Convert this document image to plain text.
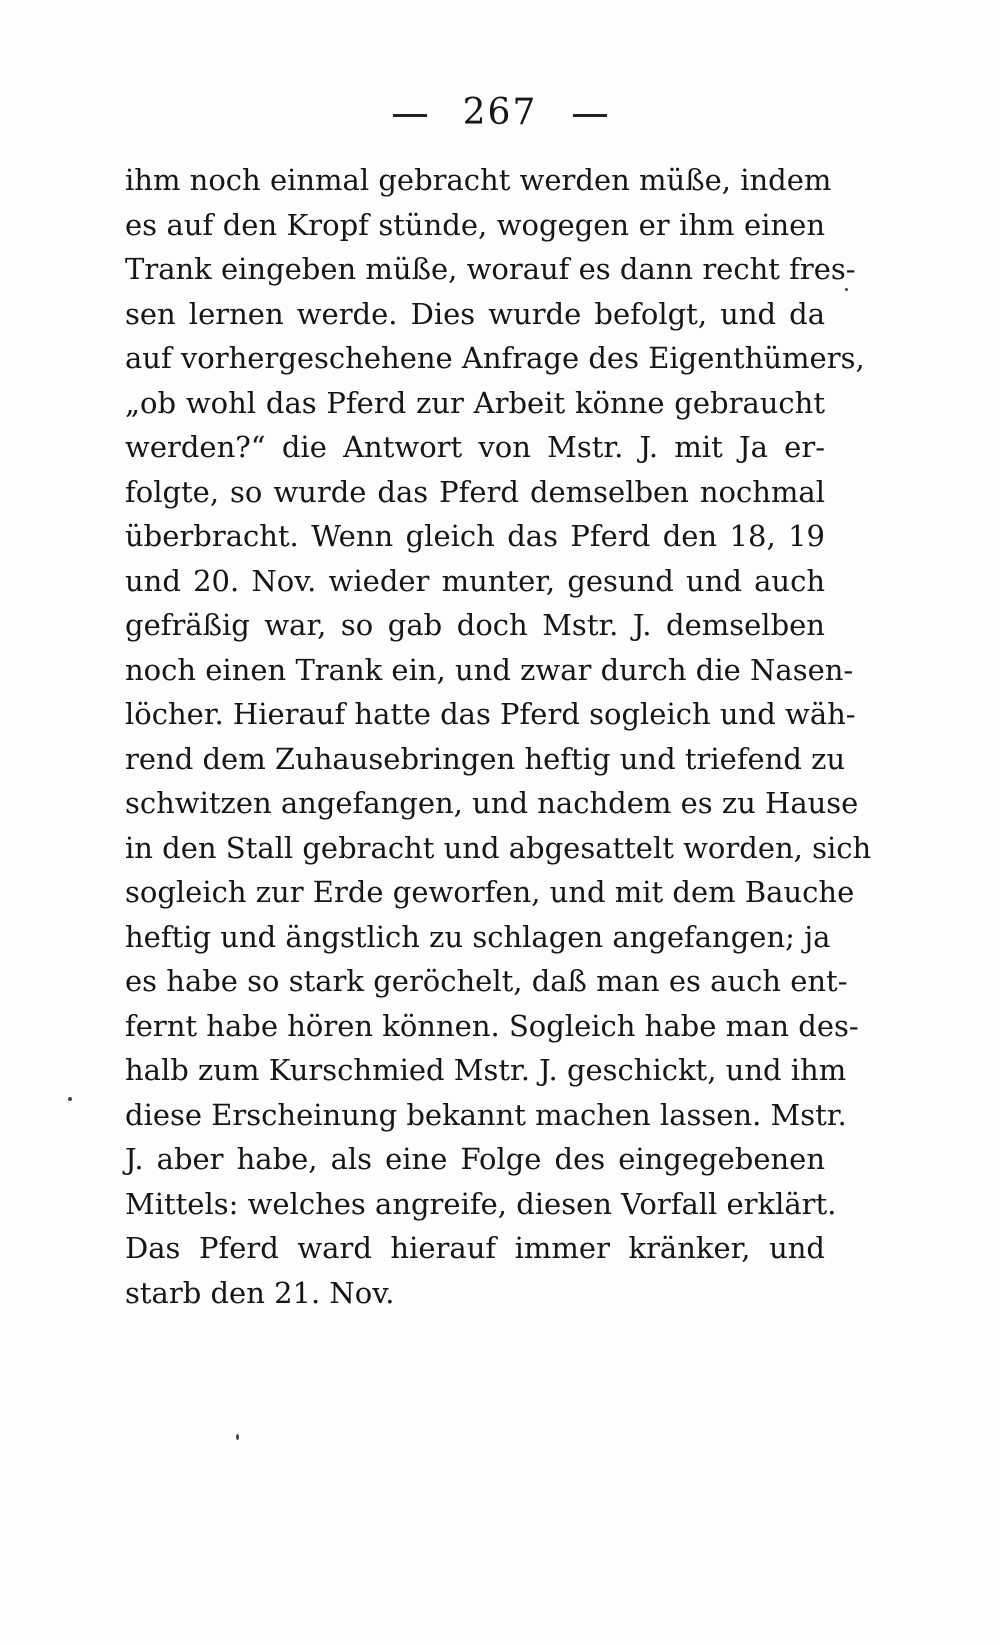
267
ihm noch einmal gebracht werden müße, indem
es auf den Kropf stünde, wogegen er ihm einen
Trank eingeben müße, worauf es dann recht fres-
sen lernen werde. Dies wurde befolgt, und da
auf vorhergeschehene Anfrage des Eigenthümers,
„ob wohl das Pferd zur Arbeit könne gebraucht
werden?“ die Antwort von Mstr. J. mit Ja er-
folgte, so wurde das Pferd demselben nochmal
überbracht. Wenn gleich das Pferd den 18, 19
und 20. Nov. wieder munter, gesund und auch
gefräßig war, so gab doch Mstr. J. demselben
noch einen Trank ein, und zwar durch die Nasen-
löcher. Hierauf hatte das Pferd sogleich und wäh-
rend dem Zuhausebringen heftig und triefend zu
schwitzen angefangen, und nachdem es zu Hause
in den Stall gebracht und abgesattelt worden, sich
sogleich zur Erde geworfen, und mit dem Bauche
heftig und ängstlich zu schlagen angefangen; ja
es habe so stark geröchelt, daß man es auch ent-
fernt habe hören können. Sogleich habe man des-
halb zum Kurschmied Mstr. J. geschickt, und ihm
diese Erscheinung bekannt machen lassen. Mstr.
J. aber habe, als eine Folge des eingegebenen
Mittels: welches angreife, diesen Vorfall erklärt.
Das Pferd ward hierauf immer kränker, und
starb den 21. Nov.
